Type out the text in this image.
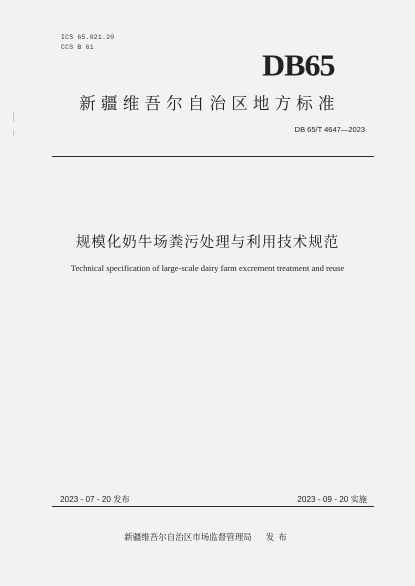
ICS 65.021.20
CCS B 61
DB65
新疆维吾尔自治区地方标准
DB 65/T 4647—2023
规模化奶牛场粪污处理与利用技术规范
Technical specification of large-scale dairy farm excrement treatment and reuse
2023 - 07 - 20 发布	2023 - 09 - 20 实施
新疆维吾尔自治区市场监督管理局 发布
